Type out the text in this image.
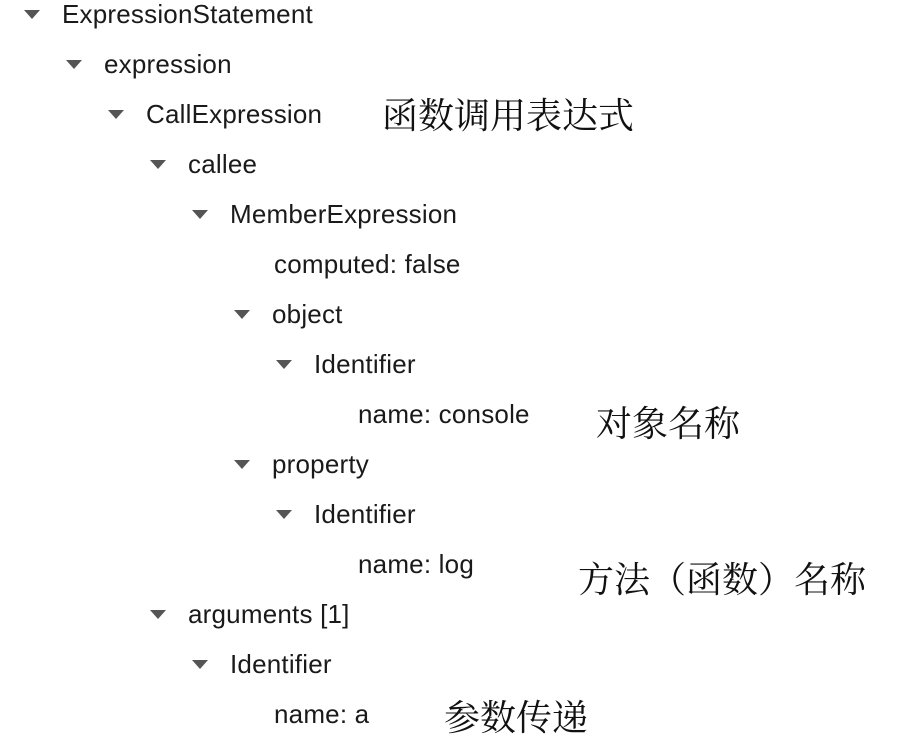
ExpressionStatement
expression
CallExpression
callee
MemberExpression
computed: false
object
Identifier
name: console
property
Identifier
name: log
arguments [1]
Identifier
name: a
函数调用表达式
对象名称
方法（函数）名称
参数传递
